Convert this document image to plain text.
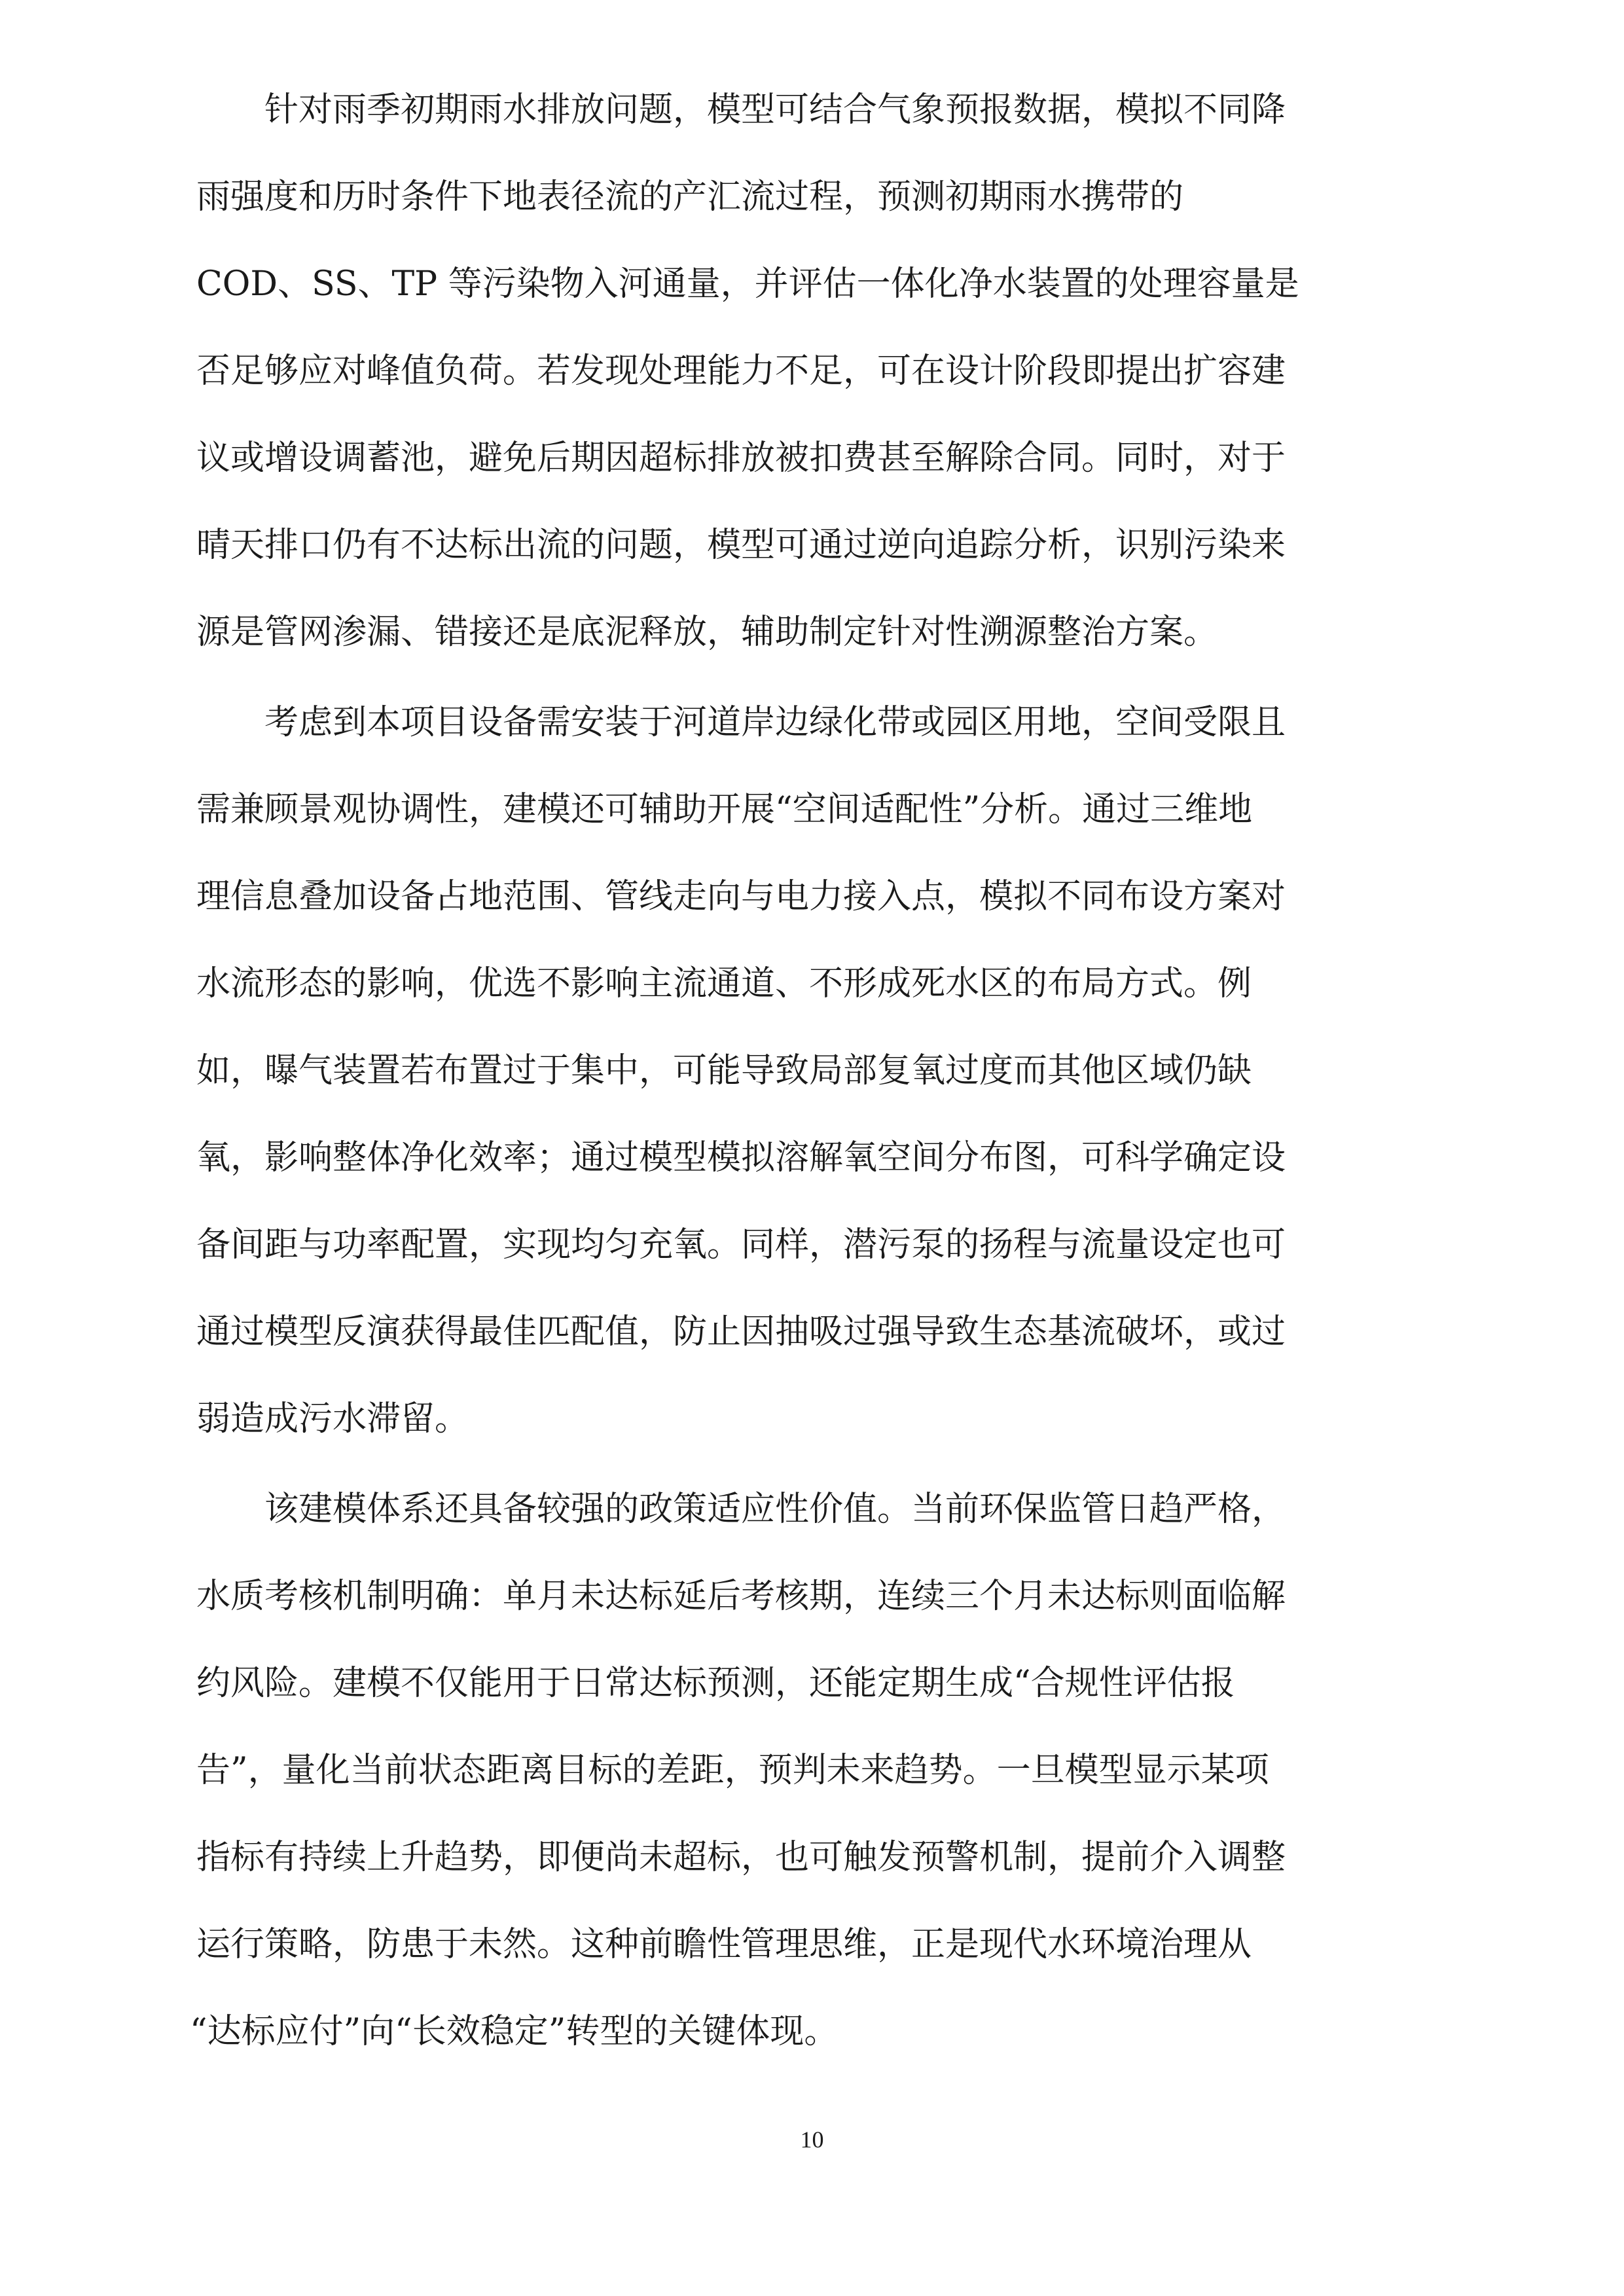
针对雨季初期雨水排放问题，模型可结合气象预报数据，模拟不同降
雨强度和历时条件下地表径流的产汇流过程，预测初期雨水携带的
COD、SS、TP 等污染物入河通量，并评估一体化净水装置的处理容量是
否足够应对峰值负荷。若发现处理能力不足，可在设计阶段即提出扩容建
议或增设调蓄池，避免后期因超标排放被扣费甚至解除合同。同时，对于
晴天排口仍有不达标出流的问题，模型可通过逆向追踪分析，识别污染来
源是管网渗漏、错接还是底泥释放，辅助制定针对性溯源整治方案。
考虑到本项目设备需安装于河道岸边绿化带或园区用地，空间受限且
需兼顾景观协调性，建模还可辅助开展“空间适配性”分析。通过三维地
理信息叠加设备占地范围、管线走向与电力接入点，模拟不同布设方案对
水流形态的影响，优选不影响主流通道、不形成死水区的布局方式。例
如，曝气装置若布置过于集中，可能导致局部复氧过度而其他区域仍缺
氧，影响整体净化效率；通过模型模拟溶解氧空间分布图，可科学确定设
备间距与功率配置，实现均匀充氧。同样，潜污泵的扬程与流量设定也可
通过模型反演获得最佳匹配值，防止因抽吸过强导致生态基流破坏，或过
弱造成污水滞留。
该建模体系还具备较强的政策适应性价值。当前环保监管日趋严格，
水质考核机制明确：单月未达标延后考核期，连续三个月未达标则面临解
约风险。建模不仅能用于日常达标预测，还能定期生成“合规性评估报
告”，量化当前状态距离目标的差距，预判未来趋势。一旦模型显示某项
指标有持续上升趋势，即便尚未超标，也可触发预警机制，提前介入调整
运行策略，防患于未然。这种前瞻性管理思维，正是现代水环境治理从
“达标应付”向“长效稳定”转型的关键体现。
10
